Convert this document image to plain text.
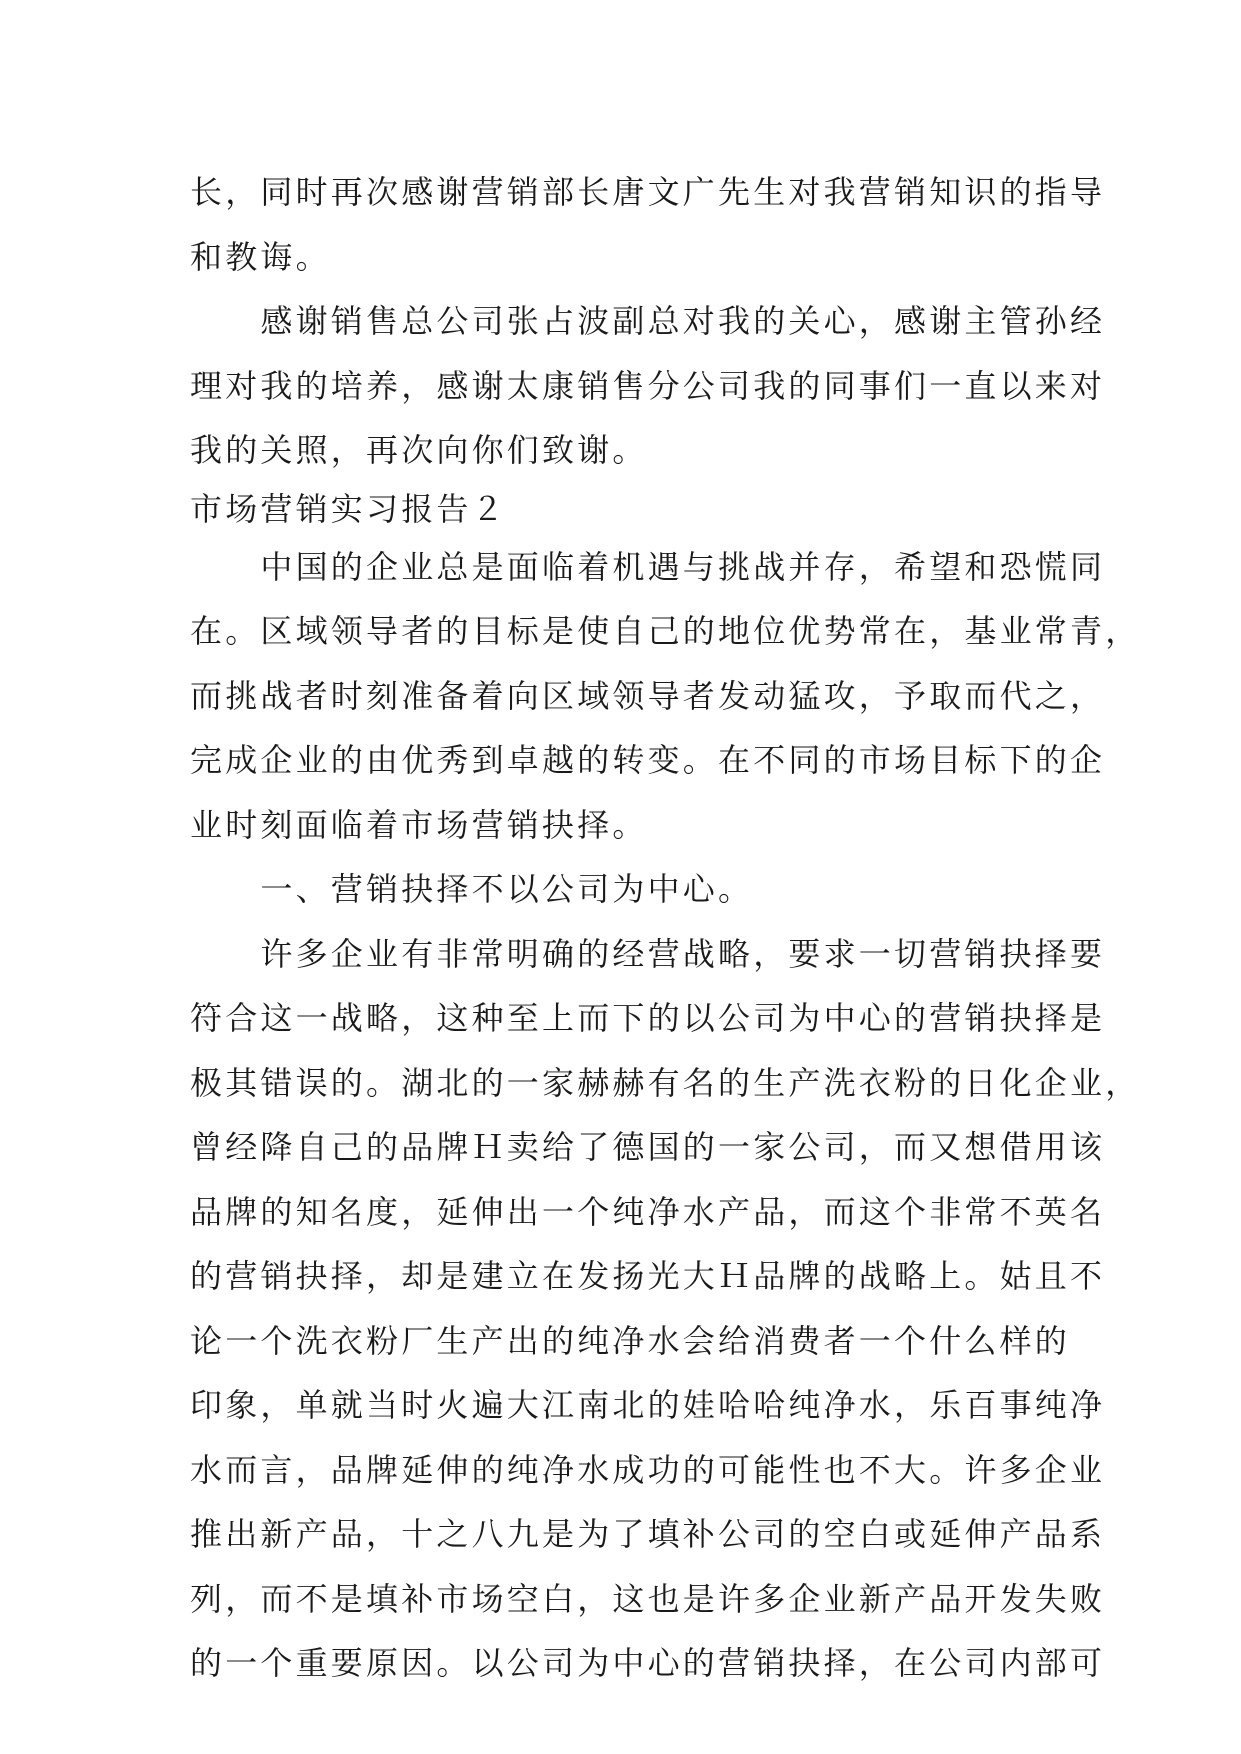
长，同时再次感谢营销部长唐文广先生对我营销知识的指导
和教诲。
　　感谢销售总公司张占波副总对我的关心，感谢主管孙经
理对我的培养，感谢太康销售分公司我的同事们一直以来对
我的关照，再次向你们致谢。
市场营销实习报告２
　　中国的企业总是面临着机遇与挑战并存，希望和恐慌同
在。区域领导者的目标是使自己的地位优势常在，基业常青，
而挑战者时刻准备着向区域领导者发动猛攻，予取而代之，
完成企业的由优秀到卓越的转变。在不同的市场目标下的企
业时刻面临着市场营销抉择。
　　一、营销抉择不以公司为中心。
　　许多企业有非常明确的经营战略，要求一切营销抉择要
符合这一战略，这种至上而下的以公司为中心的营销抉择是
极其错误的。湖北的一家赫赫有名的生产洗衣粉的日化企业，
曾经降自己的品牌Ｈ卖给了德国的一家公司，而又想借用该
品牌的知名度，延伸出一个纯净水产品，而这个非常不英名
的营销抉择，却是建立在发扬光大Ｈ品牌的战略上。姑且不
论一个洗衣粉厂生产出的纯净水会给消费者一个什么样的
印象，单就当时火遍大江南北的娃哈哈纯净水，乐百事纯净
水而言，品牌延伸的纯净水成功的可能性也不大。许多企业
推出新产品，十之八九是为了填补公司的空白或延伸产品系
列，而不是填补市场空白，这也是许多企业新产品开发失败
的一个重要原因。以公司为中心的营销抉择，在公司内部可
